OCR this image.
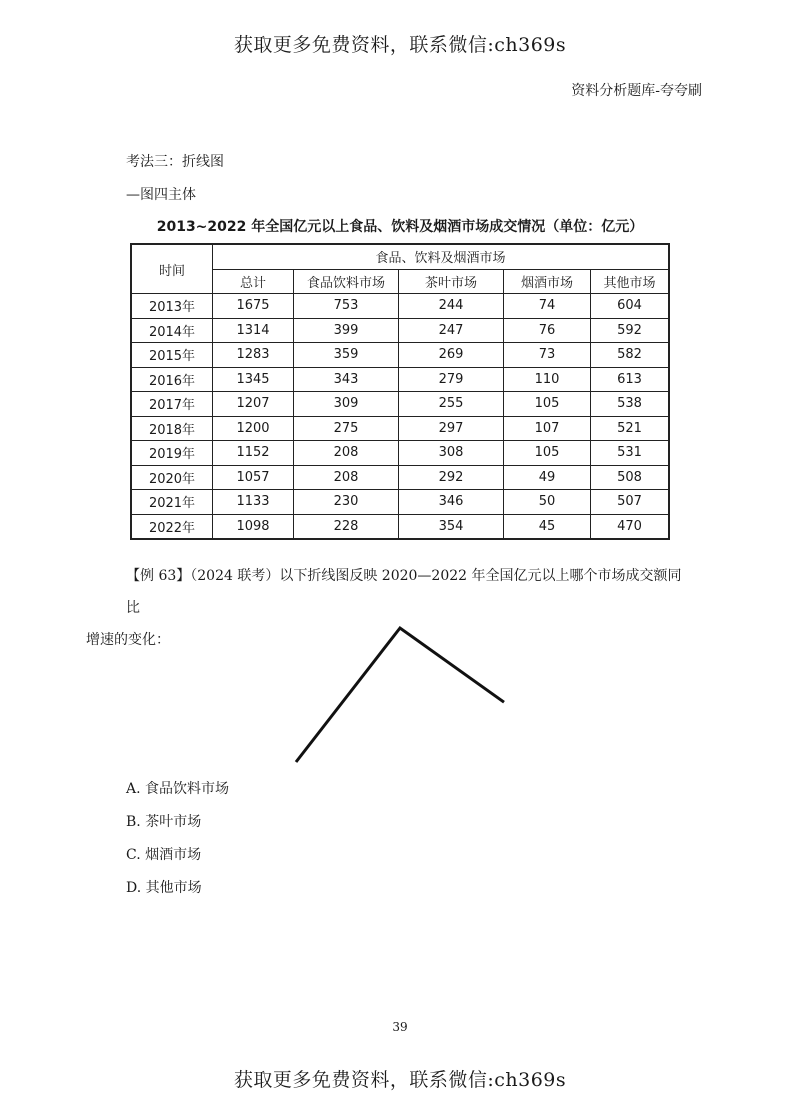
获取更多免费资料，联系微信:ch369s
资料分析题库-夸夸刷
考法三：折线图
—图四主体
2013~2022 年全国亿元以上食品、饮料及烟酒市场成交情况（单位：亿元）
时间	食品、饮料及烟酒市场				
	总计	食品饮料市场	茶叶市场	烟酒市场	其他市场
2013年	1675	753	244	74	604
2014年	1314	399	247	76	592
2015年	1283	359	269	73	582
2016年	1345	343	279	110	613
2017年	1207	309	255	105	538
2018年	1200	275	297	107	521
2019年	1152	208	308	105	531
2020年	1057	208	292	49	508
2021年	1133	230	346	50	507
2022年	1098	228	354	45	470
【例 63】（2024 联考）以下折线图反映 2020—2022 年全国亿元以上哪个市场成交额同比
增速的变化：
A. 食品饮料市场
B. 茶叶市场
C. 烟酒市场
D. 其他市场
39
获取更多免费资料，联系微信:ch369s
